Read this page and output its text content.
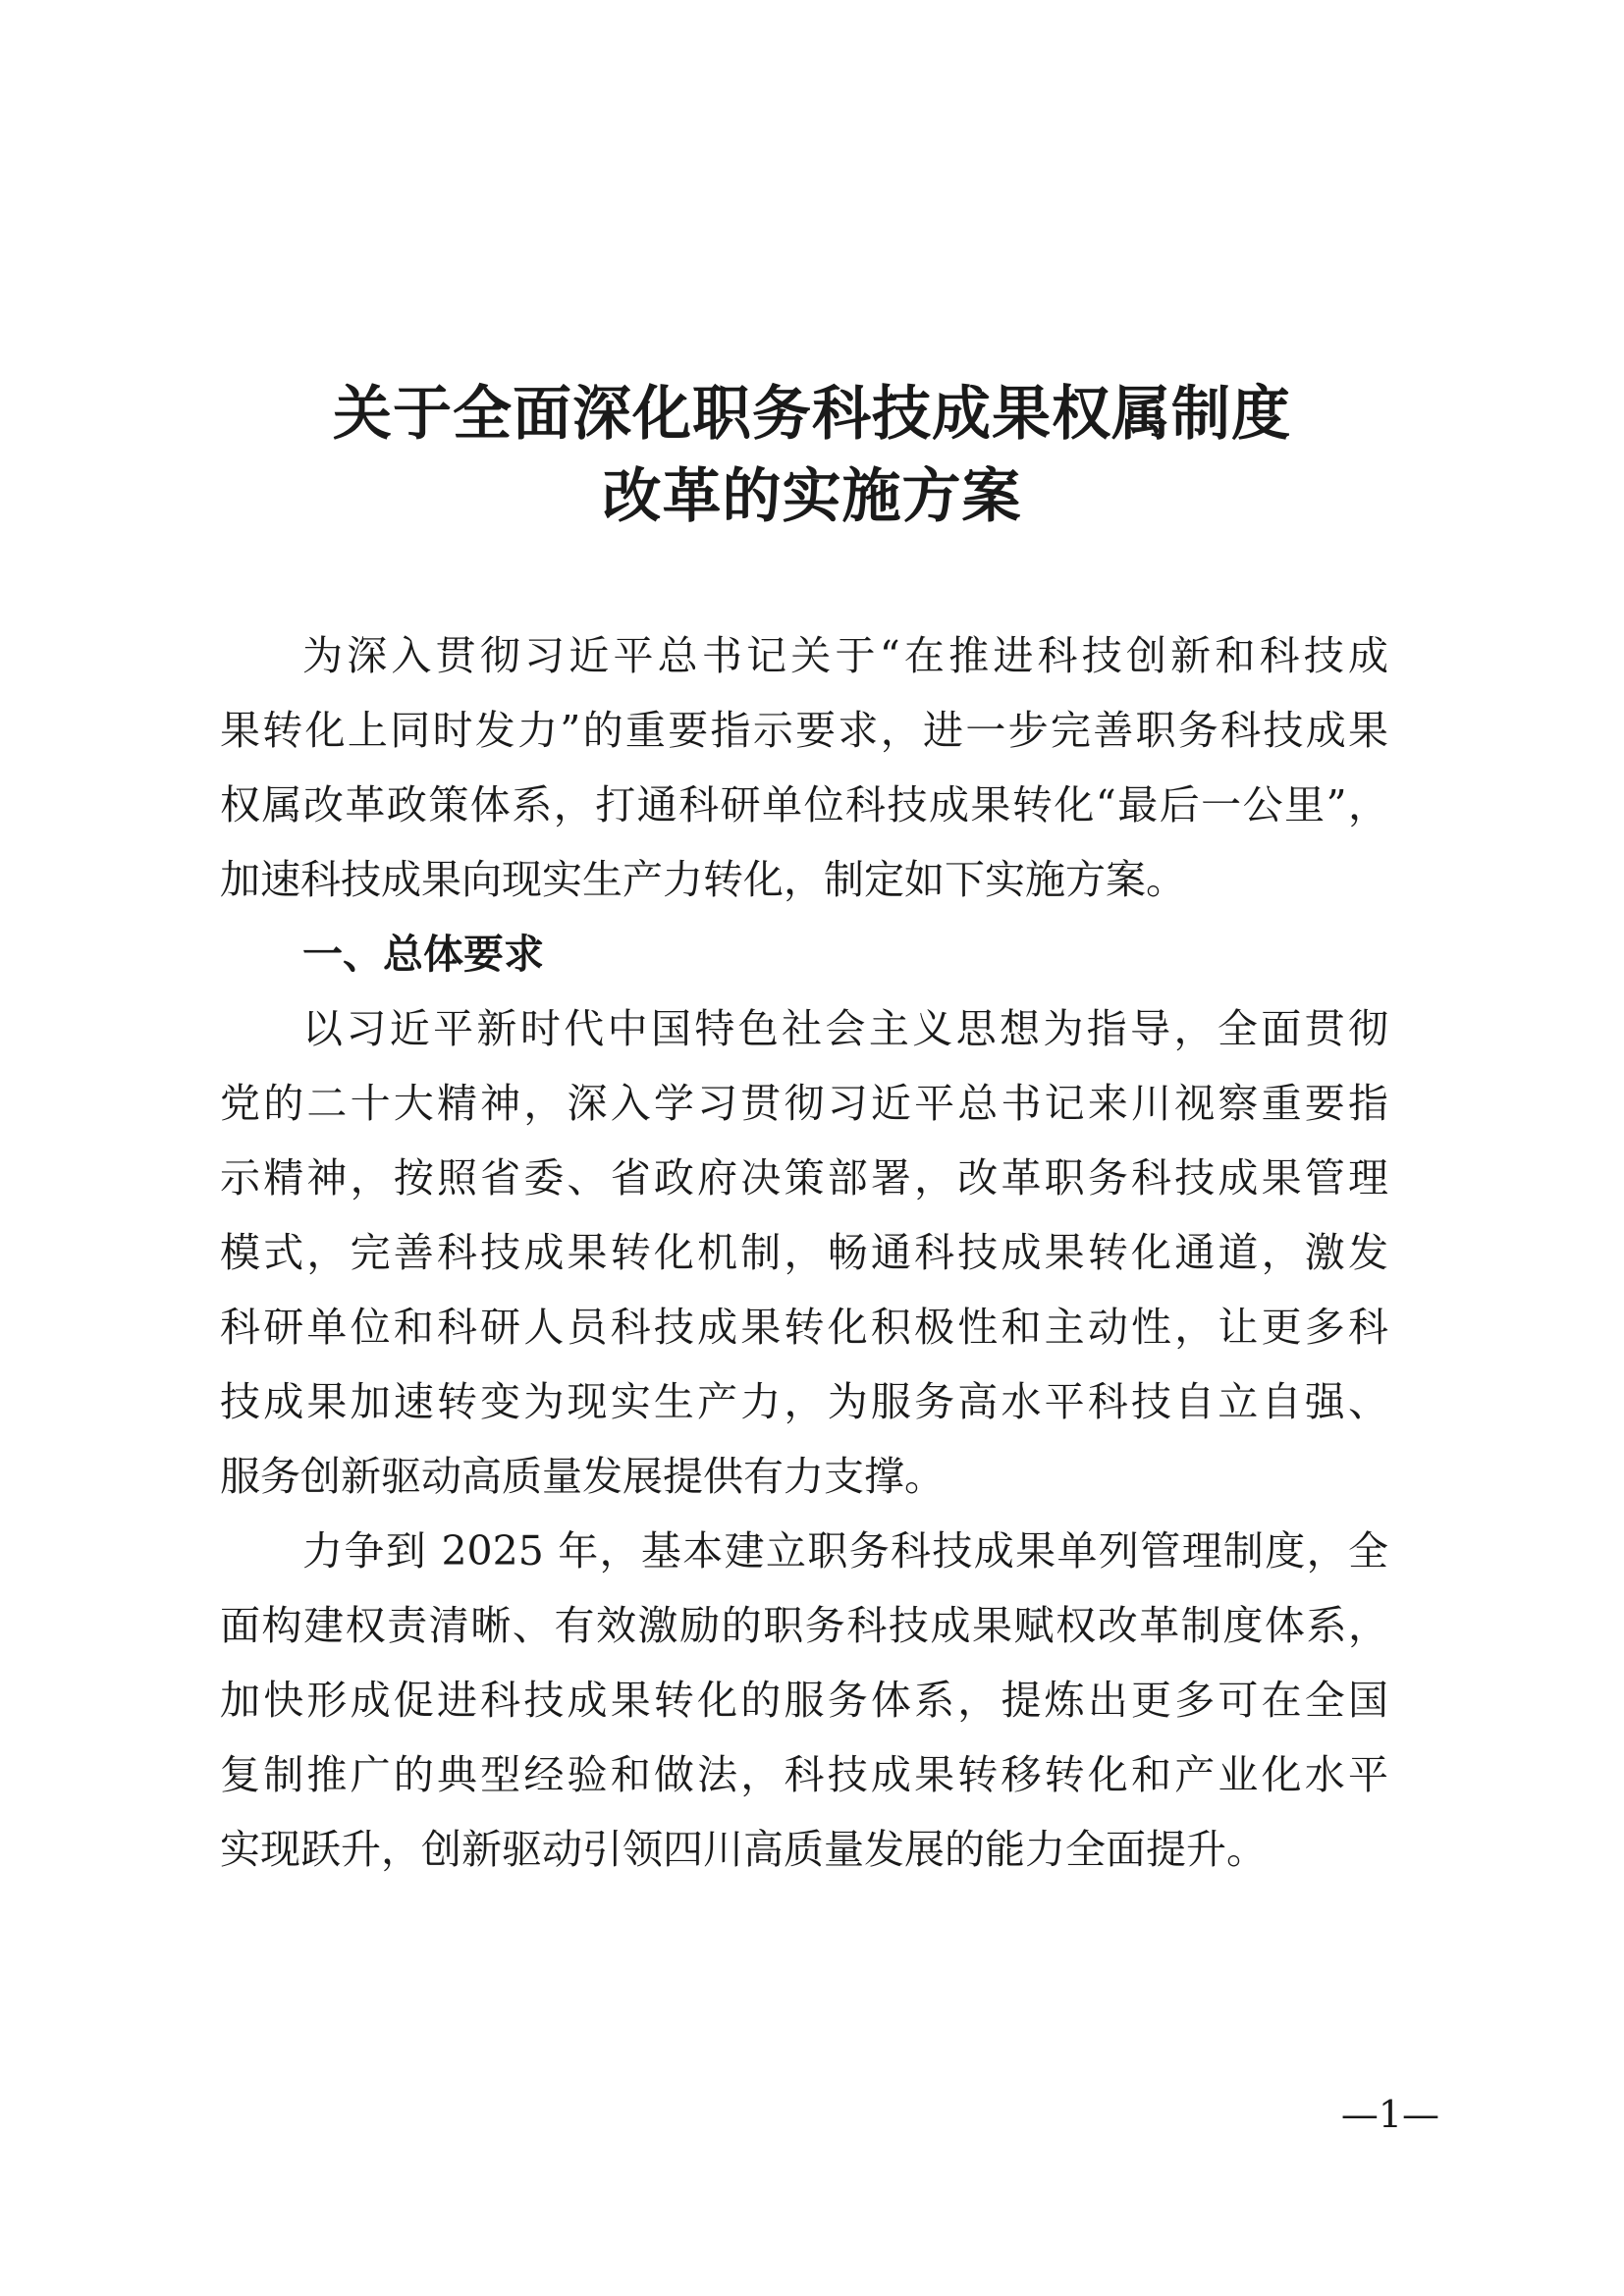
关于全面深化职务科技成果权属制度
改革的实施方案
为深入贯彻习近平总书记关于“在推进科技创新和科技成
果转化上同时发力”的重要指示要求，进一步完善职务科技成果
权属改革政策体系，打通科研单位科技成果转化“最后一公里”，
加速科技成果向现实生产力转化，制定如下实施方案。
一、总体要求
以习近平新时代中国特色社会主义思想为指导，全面贯彻
党的二十大精神，深入学习贯彻习近平总书记来川视察重要指
示精神，按照省委、省政府决策部署，改革职务科技成果管理
模式，完善科技成果转化机制，畅通科技成果转化通道，激发
科研单位和科研人员科技成果转化积极性和主动性，让更多科
技成果加速转变为现实生产力，为服务高水平科技自立自强、
服务创新驱动高质量发展提供有力支撑。
力争到 2025 年，基本建立职务科技成果单列管理制度，全
面构建权责清晰、有效激励的职务科技成果赋权改革制度体系，
加快形成促进科技成果转化的服务体系，提炼出更多可在全国
复制推广的典型经验和做法，科技成果转移转化和产业化水平
实现跃升，创新驱动引领四川高质量发展的能力全面提升。
—1—
